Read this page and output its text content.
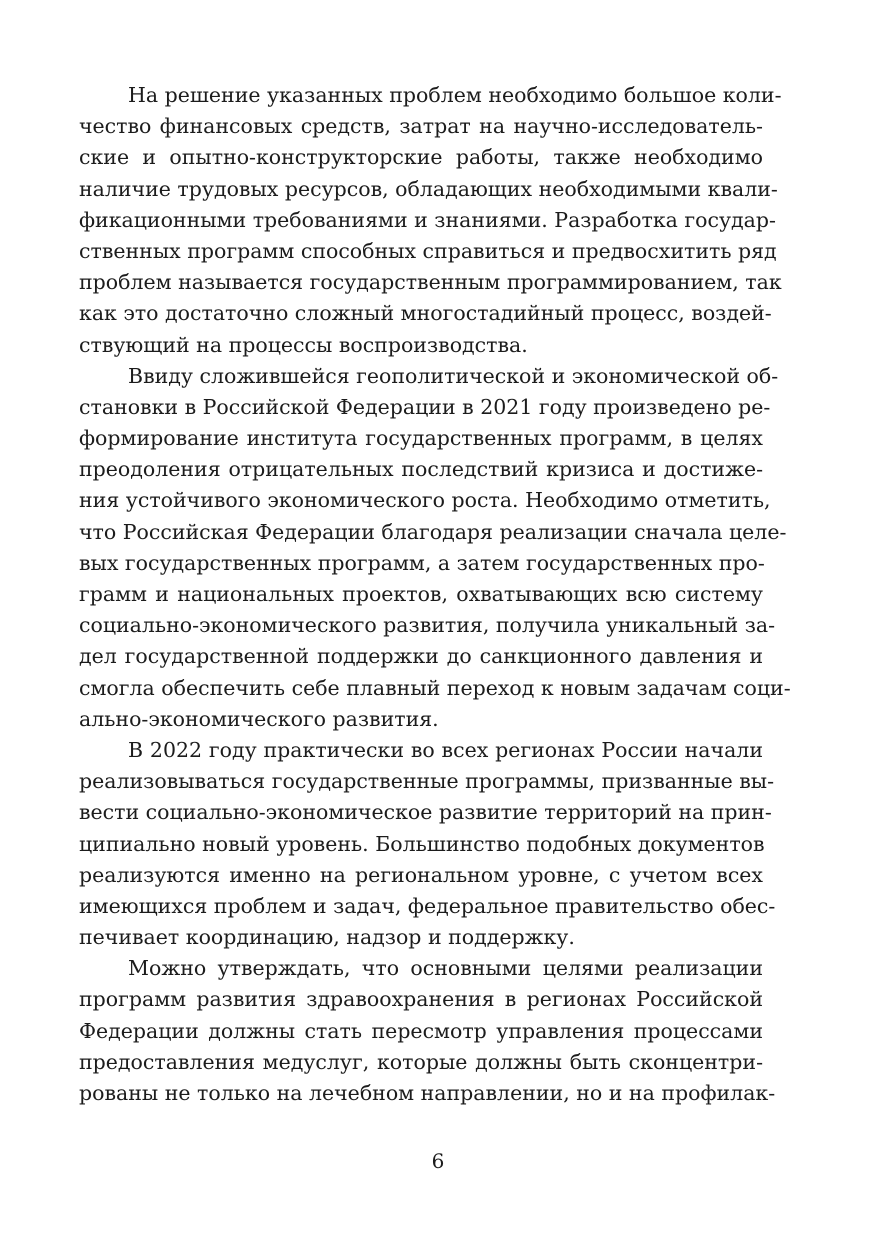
На решение указанных проблем необходимо большое коли-
чество финансовых средств, затрат на научно-исследователь-
ские и опытно-конструкторские работы, также необходимо
наличие трудовых ресурсов, обладающих необходимыми квали-
фикационными требованиями и знаниями. Разработка государ-
ственных программ способных справиться и предвосхитить ряд
проблем называется государственным программированием, так
как это достаточно сложный многостадийный процесс, воздей-
ствующий на процессы воспроизводства.
Ввиду сложившейся геополитической и экономической об-
становки в Российской Федерации в 2021 году произведено ре-
формирование института государственных программ, в целях
преодоления отрицательных последствий кризиса и достиже-
ния устойчивого экономического роста. Необходимо отметить,
что Российская Федерации благодаря реализации сначала целе-
вых государственных программ, а затем государственных про-
грамм и национальных проектов, охватывающих всю систему
социально-экономического развития, получила уникальный за-
дел государственной поддержки до санкционного давления и
смогла обеспечить себе плавный переход к новым задачам соци-
ально-экономического развития.
В 2022 году практически во всех регионах России начали
реализовываться государственные программы, призванные вы-
вести социально-экономическое развитие территорий на прин-
ципиально новый уровень. Большинство подобных документов
реализуются именно на региональном уровне, с учетом всех
имеющихся проблем и задач, федеральное правительство обес-
печивает координацию, надзор и поддержку.
Можно утверждать, что основными целями реализации
программ развития здравоохранения в регионах Российской
Федерации должны стать пересмотр управления процессами
предоставления медуслуг, которые должны быть сконцентри-
рованы не только на лечебном направлении, но и на профилак-
6
